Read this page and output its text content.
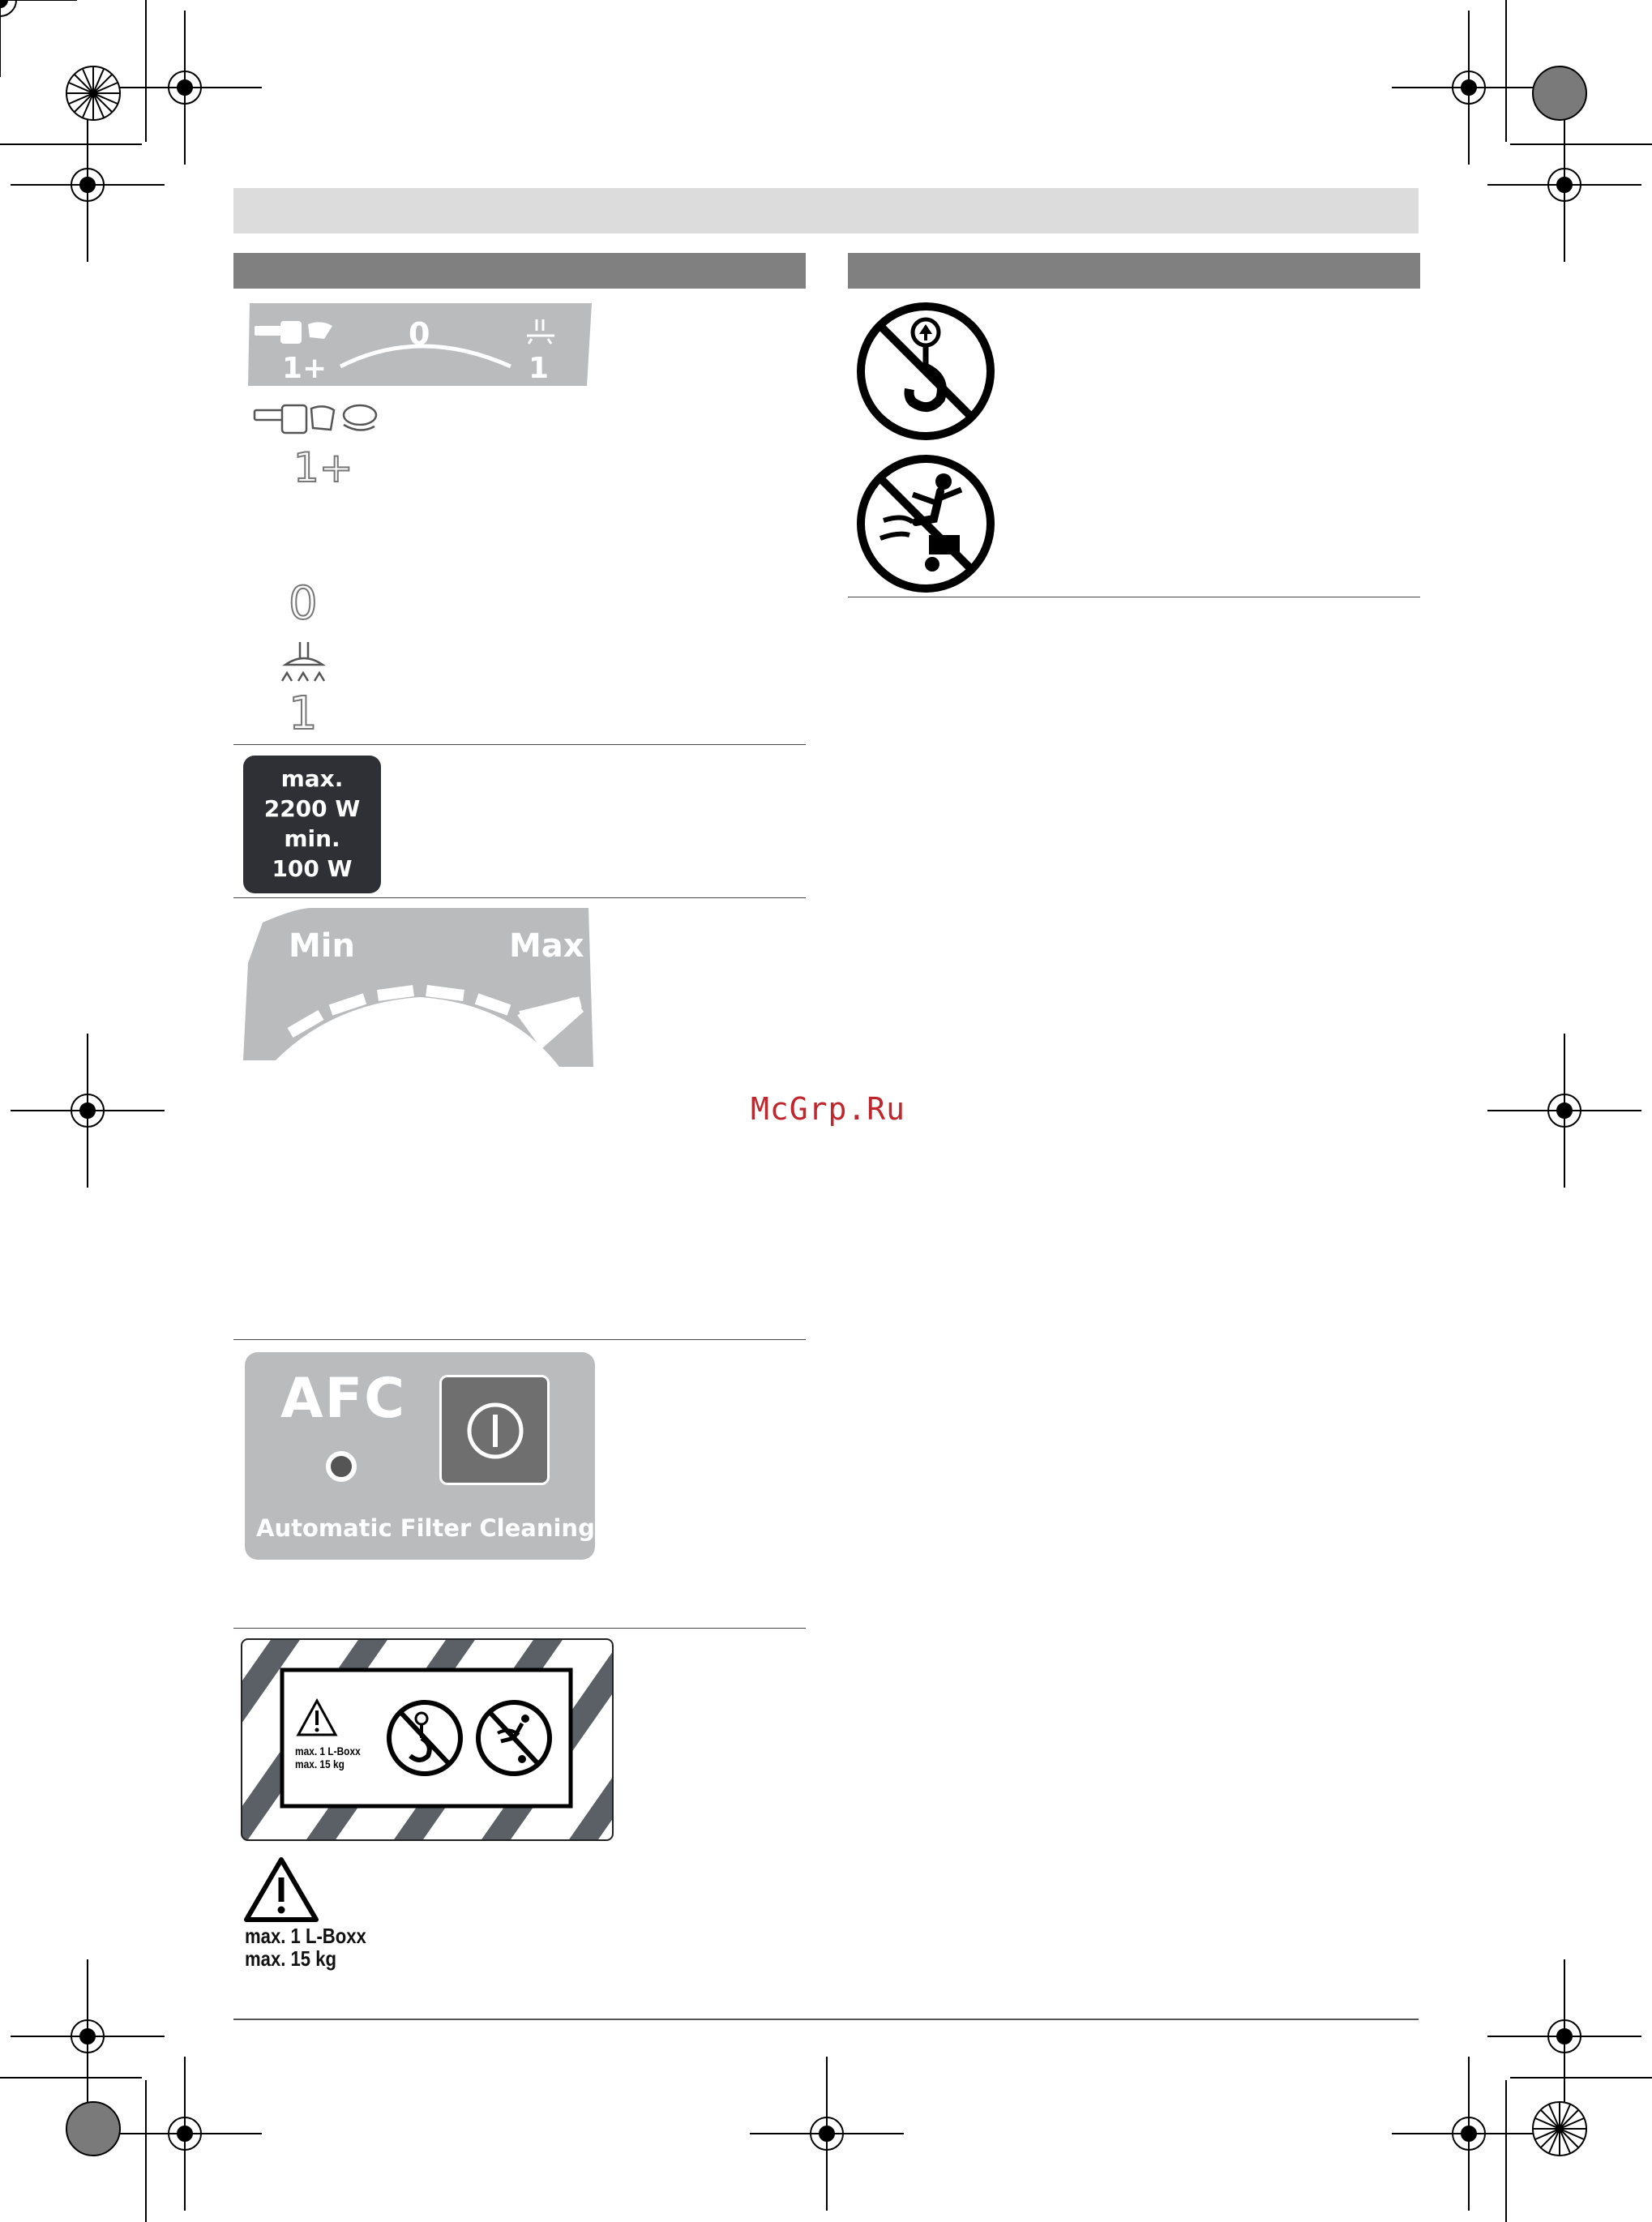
1+
0
1
1+
0
1
max.
2200 W
min.
100 W
Min	Max
McGrp.Ru
AFC
Automatic Filter Cleaning
max. 1 L-Boxx
max. 15 kg
max. 1 L-Boxx
max. 15 kg
